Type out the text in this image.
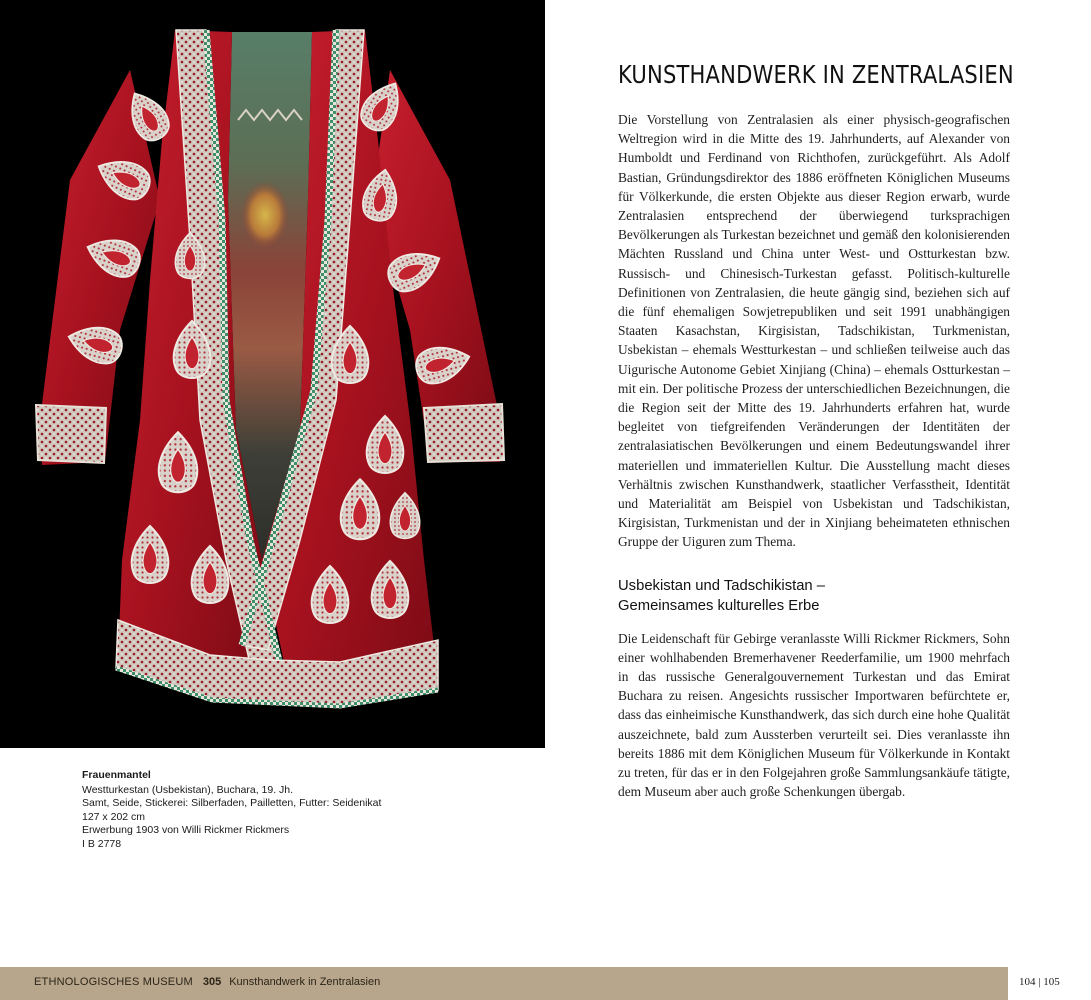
Frauenmantel
Westturkestan (Usbekistan), Buchara, 19. Jh.
Samt, Seide, Stickerei: Silberfaden, Pailletten, Futter: Seidenikat
127 x 202 cm
Erwerbung 1903 von Willi Rickmer Rickmers
I B 2778
KUNSTHANDWERK IN ZENTRALASIEN

Die Vorstellung von Zentralasien als einer physisch-geografischen Weltregion wird in die Mitte des 19. Jahrhunderts, auf Alexander von Humboldt und Ferdinand von Richthofen, zurückgeführt. Als Adolf Bastian, Gründungsdirektor des 1886 eröffneten Königlichen Museums für Völkerkunde, die ersten Objekte aus dieser Region erwarb, wurde Zentralasien entsprechend der überwiegend turksprachigen Bevölkerungen als Turkestan bezeichnet und gemäß den kolonisierenden Mächten Russland und China unter West- und Ostturkestan bzw. Russisch- und Chinesisch-Turkestan gefasst. Politisch-kulturelle Definitionen von Zentralasien, die heute gängig sind, beziehen sich auf die fünf ehemaligen Sowjetrepubliken und seit 1991 unabhängigen Staaten Kasachstan, Kirgisistan, Tadschikistan, Turkmenistan, Usbekistan – ehemals Westturkestan – und schließen teilweise auch das Uigurische Autonome Gebiet Xinjiang (China) – ehemals Ostturkestan – mit ein. Der politische Prozess der unterschiedlichen Bezeichnungen, die die Region seit der Mitte des 19. Jahrhunderts erfahren hat, wurde begleitet von tiefgreifenden Veränderungen der Identitäten der zentralasiatischen Bevölkerungen und einem Bedeutungswandel ihrer materiellen und immateriellen Kultur. Die Ausstellung macht dieses Verhältnis zwischen Kunsthandwerk, staatlicher Verfasstheit, Identität und Materialität am Beispiel von Usbekistan und Tadschikistan, Kirgisistan, Turkmenistan und der in Xinjiang beheimateten ethnischen Gruppe der Uiguren zum Thema.

Usbekistan und Tadschikistan –
Gemeinsames kulturelles Erbe

Die Leidenschaft für Gebirge veranlasste Willi Rickmer Rickmers, Sohn einer wohlhabenden Bremerhavener Reederfamilie, um 1900 mehrfach in das russische Generalgouvernement Turkestan und das Emirat Buchara zu reisen. Angesichts russischer Importwaren befürchtete er, dass das einheimische Kunsthandwerk, das sich durch eine hohe Qualität auszeichnete, bald zum Aussterben verurteilt sei. Dies veranlasste ihn bereits 1886 mit dem Königlichen Museum für Völkerkunde in Kontakt zu treten, für das er in den Folgejahren große Sammlungsankäufe tätigte, dem Museum aber auch große Schenkungen übergab.

ETHNOLOGISCHES MUSEUM 305 Kunsthandwerk in Zentralasien	104 | 105
